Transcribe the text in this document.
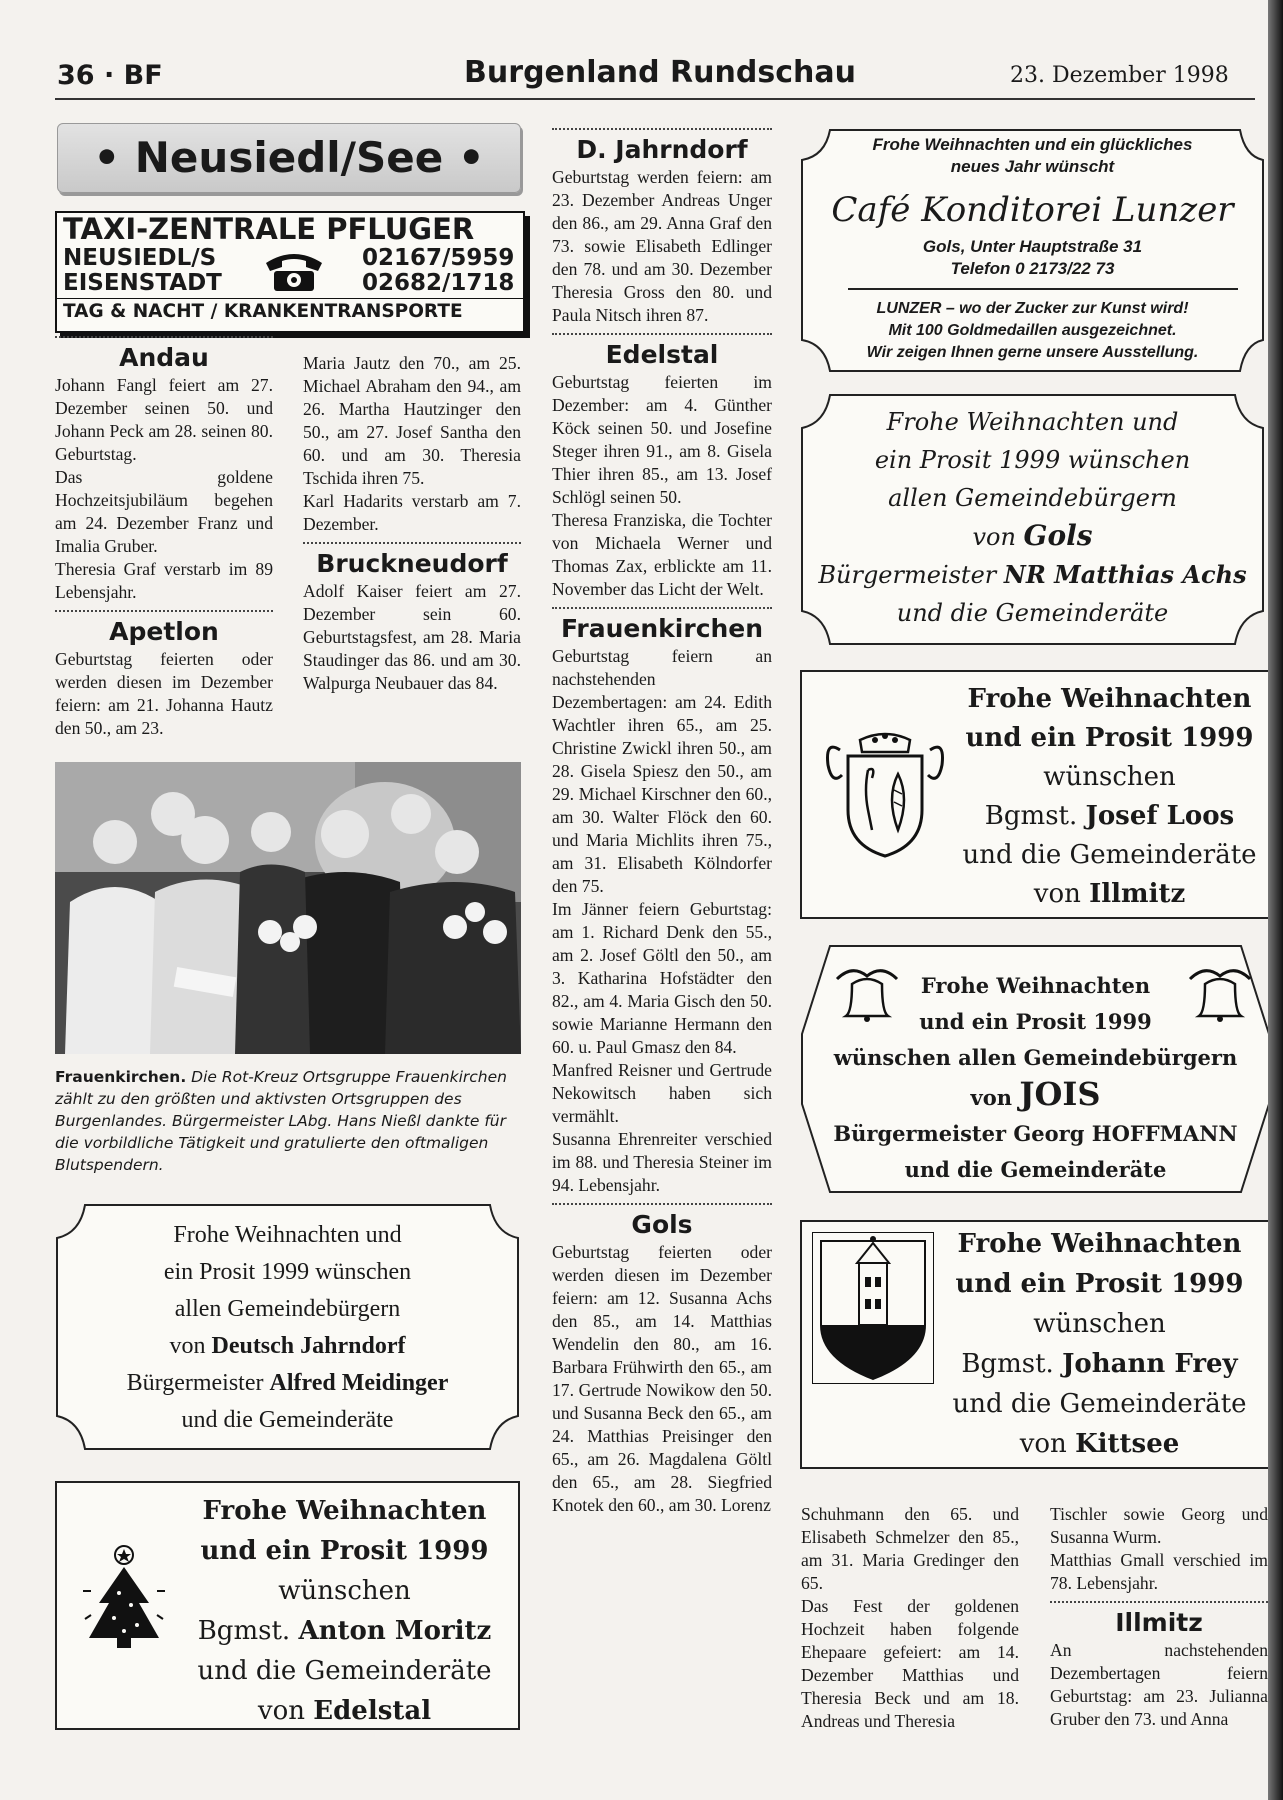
36 · BF	Burgenland Rundschau	23. Dezember 1998
• Neusiedl/See •
TAXI-ZENTRALE PFLUGER
NEUSIEDL/S
EISENSTADT
02167/5959
02682/1718
TAG & NACHT / KRANKENTRANSPORTE

Andau

Johann Fangl feiert am 27. Dezember seinen 50. und Johann Peck am 28. seinen 80. Geburtstag.

Das goldene Hochzeitsjubiläum begehen am 24. Dezember Franz und Imalia Gruber.

Theresia Graf verstarb im 89 Lebensjahr.

Apetlon

Geburtstag feierten oder werden diesen im Dezember feiern: am 21. Johanna Hautz den 50., am 23.

Maria Jautz den 70., am 25. Michael Abraham den 94., am 26. Martha Hautzinger den 50., am 27. Josef Santha den 60. und am 30. Theresia Tschida ihren 75.

Karl Hadarits verstarb am 7. Dezember.

Bruckneudorf

Adolf Kaiser feiert am 27. Dezember sein 60. Geburtstagsfest, am 28. Maria Staudinger das 86. und am 30. Walpurga Neubauer das 84.

Frauenkirchen. Die Rot-Kreuz Ortsgruppe Frauenkirchen zählt zu den größten und aktivsten Ortsgruppen des Burgenlandes. Bürgermeister LAbg. Hans Nießl dankte für die vorbildliche Tätigkeit und gratulierte den oftmaligen Blutspendern.
Frohe Weihnachten und
ein Prosit 1999 wünschen
allen Gemeindebürgern
von Deutsch Jahrndorf
Bürgermeister Alfred Meidinger
und die Gemeinderäte
Frohe Weihnachten
und ein Prosit 1999
wünschen
Bgmst. Anton Moritz
und die Gemeinderäte
von Edelstal

D. Jahrndorf

Geburtstag werden feiern: am 23. Dezember Andreas Unger den 86., am 29. Anna Graf den 73. sowie Elisabeth Edlinger den 78. und am 30. Dezember Theresia Gross den 80. und Paula Nitsch ihren 87.

Edelstal

Geburtstag feierten im Dezember: am 4. Günther Köck seinen 50. und Josefine Steger ihren 91., am 8. Gisela Thier ihren 85., am 13. Josef Schlögl seinen 50.

Theresa Franziska, die Tochter von Michaela Werner und Thomas Zax, erblickte am 11. November das Licht der Welt.

Frauenkirchen

Geburtstag feiern an nachstehenden Dezembertagen: am 24. Edith Wachtler ihren 65., am 25. Christine Zwickl ihren 50., am 28. Gisela Spiesz den 50., am 29. Michael Kirschner den 60., am 30. Walter Flöck den 60. und Maria Michlits ihren 75., am 31. Elisabeth Kölndorfer den 75.

Im Jänner feiern Geburtstag: am 1. Richard Denk den 55., am 2. Josef Göltl den 50., am 3. Katharina Hofstädter den 82., am 4. Maria Gisch den 50. sowie Marianne Hermann den 60. u. Paul Gmasz den 84.

Manfred Reisner und Gertrude Nekowitsch haben sich vermählt.

Susanna Ehrenreiter verschied im 88. und Theresia Steiner im 94. Lebensjahr.

Gols

Geburtstag feierten oder werden diesen im Dezember feiern: am 12. Susanna Achs den 85., am 14. Matthias Wendelin den 80., am 16. Barbara Frühwirth den 65., am 17. Gertrude Nowikow den 50. und Susanna Beck den 65., am 24. Matthias Preisinger den 65., am 26. Magdalena Göltl den 65., am 28. Siegfried Knotek den 60., am 30. Lorenz

Frohe Weihnachten und ein glückliches
neues Jahr wünscht
Café Konditorei Lunzer
Gols, Unter Hauptstraße 31
Telefon 0 2173/22 73
LUNZER – wo der Zucker zur Kunst wird!
Mit 100 Goldmedaillen ausgezeichnet.
Wir zeigen Ihnen gerne unsere Ausstellung.
Frohe Weihnachten und
ein Prosit 1999 wünschen
allen Gemeindebürgern
von Gols
Bürgermeister NR Matthias Achs
und die Gemeinderäte
Frohe Weihnachten
und ein Prosit 1999
wünschen
Bgmst. Josef Loos
und die Gemeinderäte
von Illmitz
Frohe Weihnachten
und ein Prosit 1999
wünschen allen Gemeindebürgern
von JOIS
Bürgermeister Georg HOFFMANN
und die Gemeinderäte
Frohe Weihnachten
und ein Prosit 1999
wünschen
Bgmst. Johann Frey
und die Gemeinderäte
von Kittsee

Schuhmann den 65. und Elisabeth Schmelzer den 85., am 31. Maria Gredinger den 65.

Das Fest der goldenen Hochzeit haben folgende Ehepaare gefeiert: am 14. Dezember Matthias und Theresia Beck und am 18. Andreas und Theresia

Tischler sowie Georg und Susanna Wurm.

Matthias Gmall verschied im 78. Lebensjahr.

Illmitz

An nachstehenden Dezembertagen feiern Geburtstag: am 23. Julianna Gruber den 73. und Anna
